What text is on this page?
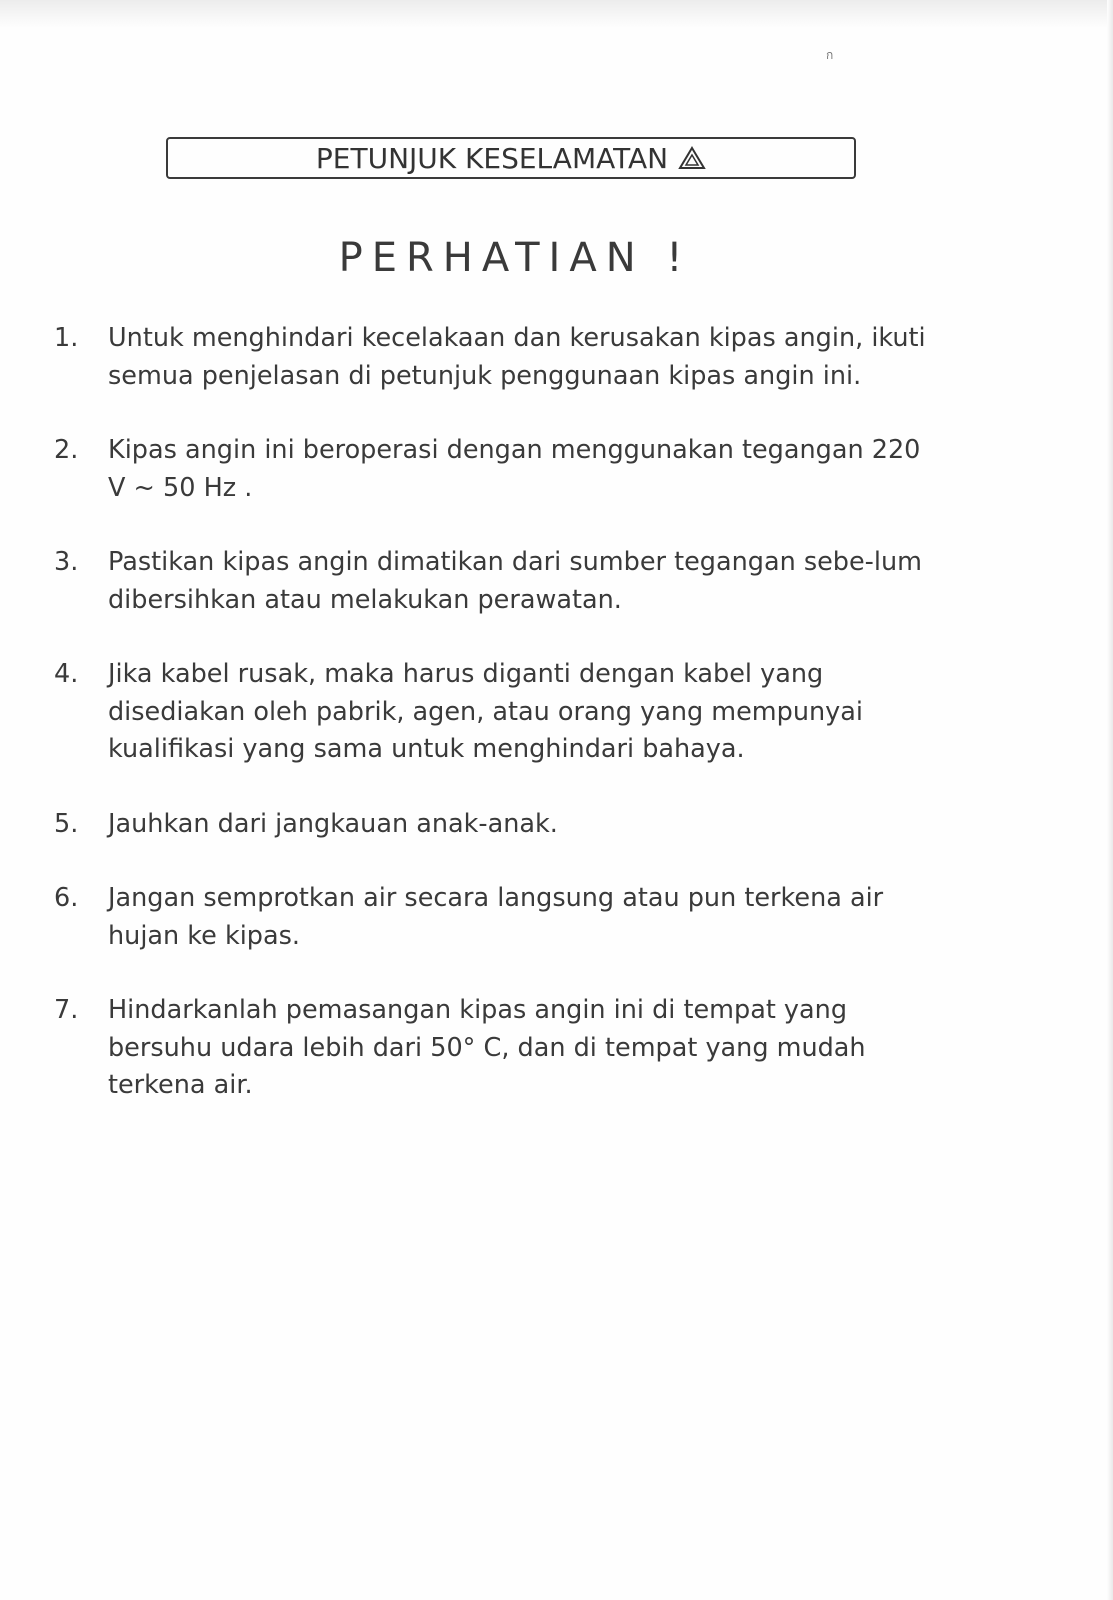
ก
PETUNJUK KESELAMATAN
PERHATIAN !
1. Untuk menghindari kecelakaan dan kerusakan kipas angin, ikuti semua penjelasan di petunjuk penggunaan kipas angin ini.
2. Kipas angin ini beroperasi dengan menggunakan tegangan 220 V ~ 50 Hz .
3. Pastikan kipas angin dimatikan dari sumber tegangan sebe-lum dibersihkan atau melakukan perawatan.
4. Jika kabel rusak, maka harus diganti dengan kabel yang disediakan oleh pabrik, agen, atau orang yang mempunyai kualifikasi yang sama untuk menghindari bahaya.
5. Jauhkan dari jangkauan anak-anak.
6. Jangan semprotkan air secara langsung atau pun terkena air hujan ke kipas.
7. Hindarkanlah pemasangan kipas angin ini di tempat yang bersuhu udara lebih dari 50° C, dan di tempat yang mudah terkena air.
